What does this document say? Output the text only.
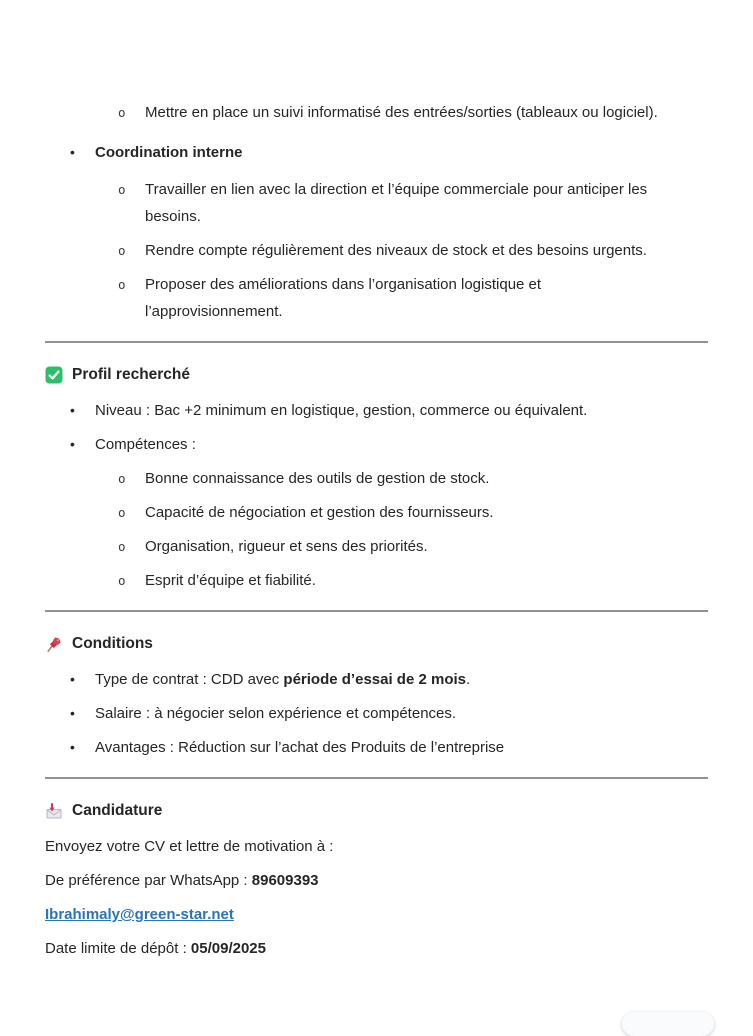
o	Mettre en place un suivi informatisé des entrées/sorties (tableaux ou logiciel).
•	Coordination interne
o	Travailler en lien avec la direction et l’équipe commerciale pour anticiper les
besoins.
o	Rendre compte régulièrement des niveaux de stock et des besoins urgents.
o	Proposer des améliorations dans l’organisation logistique et
l’approvisionnement.
Profil recherché
•	Niveau : Bac +2 minimum en logistique, gestion, commerce ou équivalent.
•	Compétences :
o	Bonne connaissance des outils de gestion de stock.
o	Capacité de négociation et gestion des fournisseurs.
o	Organisation, rigueur et sens des priorités.
o	Esprit d’équipe et fiabilité.
Conditions
•	Type de contrat : CDD avec période d’essai de 2 mois.
•	Salaire : à négocier selon expérience et compétences.
•	Avantages : Réduction sur l’achat des Produits de l’entreprise
Candidature

Envoyez votre CV et lettre de motivation à :

De préférence par WhatsApp : 89609393

Ibrahimaly@green-star.net

Date limite de dépôt : 05/09/2025
